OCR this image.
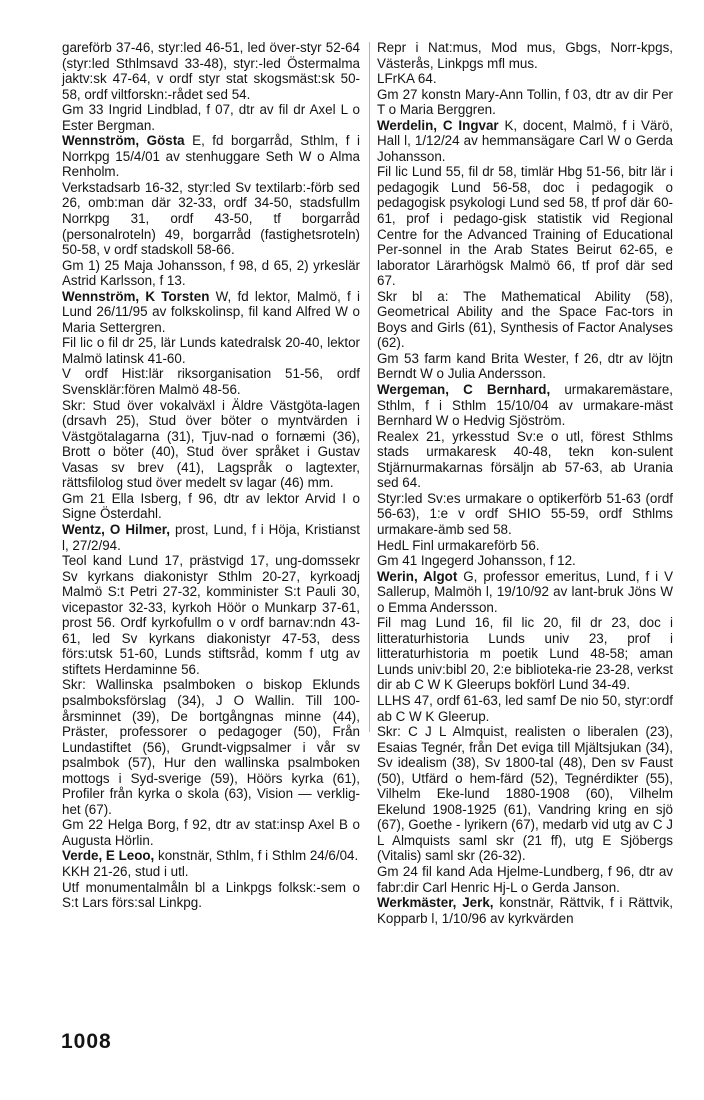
gareförb 37-46, styr:led 46-51, led över-styr 52-64 (styr:led Sthlmsavd 33-48), styr:-led Östermalma jaktv:sk 47-64, v ordf styr stat skogsmäst:sk 50-58, ordf viltforskn:-rådet sed 54.

Gm 33 Ingrid Lindblad, f 07, dtr av fil dr Axel L o Ester Bergman.

Wennström, Gösta E, fd borgarråd, Sthlm, f i Norrkpg 15/4/01 av stenhuggare Seth W o Alma Renholm.

Verkstadsarb 16-32, styr:led Sv textilarb:-förb sed 26, omb:man där 32-33, ordf 34-50, stadsfullm Norrkpg 31, ordf 43-50, tf borgarråd (personalroteln) 49, borgarråd (fastighetsroteln) 50-58, v ordf stadskoll 58-66.

Gm 1) 25 Maja Johansson, f 98, d 65, 2) yrkeslär Astrid Karlsson, f 13.

Wennström, K Torsten W, fd lektor, Malmö, f i Lund 26/11/95 av folkskolinsp, fil kand Alfred W o Maria Settergren.

Fil lic o fil dr 25, lär Lunds katedralsk 20-40, lektor Malmö latinsk 41-60.

V ordf Hist:lär riksorganisation 51-56, ordf Svensklär:fören Malmö 48-56.

Skr: Stud över vokalväxl i Äldre Västgöta-lagen (drsavh 25), Stud över böter o myntvärden i Västgötalagarna (31), Tjuv-nad o fornæmi (36), Brott o böter (40), Stud över språket i Gustav Vasas sv brev (41), Lagspråk o lagtexter, rättsfilolog stud över medelt sv lagar (46) mm.

Gm 21 Ella Isberg, f 96, dtr av lektor Arvid I o Signe Österdahl.

Wentz, O Hilmer, prost, Lund, f i Höja, Kristianst l, 27/2/94.

Teol kand Lund 17, prästvigd 17, ung-domssekr Sv kyrkans diakonistyr Sthlm 20-27, kyrkoadj Malmö S:t Petri 27-32, komminister S:t Pauli 30, vicepastor 32-33, kyrkoh Höör o Munkarp 37-61, prost 56. Ordf kyrkofullm o v ordf barnav:ndn 43-61, led Sv kyrkans diakonistyr 47-53, dess förs:utsk 51-60, Lunds stiftsråd, komm f utg av stiftets Herdaminne 56.

Skr: Wallinska psalmboken o biskop Eklunds psalmboksförslag (34), J O Wallin. Till 100-årsminnet (39), De bortgångnas minne (44), Präster, professorer o pedagoger (50), Från Lundastiftet (56), Grundt-vigpsalmer i vår sv psalmbok (57), Hur den wallinska psalmboken mottogs i Syd-sverige (59), Höörs kyrka (61), Profiler från kyrka o skola (63), Vision — verklig-het (67).

Gm 22 Helga Borg, f 92, dtr av stat:insp Axel B o Augusta Hörlin.

Verde, E Leoo, konstnär, Sthlm, f i Sthlm 24/6/04.

KKH 21-26, stud i utl.

Utf monumentalmåln bl a Linkpgs folksk:-sem o S:t Lars förs:sal Linkpg.

Repr i Nat:mus, Mod mus, Gbgs, Norr-kpgs, Västerås, Linkpgs mfl mus.

LFrKA 64.

Gm 27 konstn Mary-Ann Tollin, f 03, dtr av dir Per T o Maria Berggren.

Werdelin, C Ingvar K, docent, Malmö, f i Värö, Hall l, 1/12/24 av hemmansägare Carl W o Gerda Johansson.

Fil lic Lund 55, fil dr 58, timlär Hbg 51-56, bitr lär i pedagogik Lund 56-58, doc i pedagogik o pedagogisk psykologi Lund sed 58, tf prof där 60-61, prof i pedago-gisk statistik vid Regional Centre for the Advanced Training of Educational Per-sonnel in the Arab States Beirut 62-65, e laborator Lärarhögsk Malmö 66, tf prof där sed 67.

Skr bl a: The Mathematical Ability (58), Geometrical Ability and the Space Fac-tors in Boys and Girls (61), Synthesis of Factor Analyses (62).

Gm 53 farm kand Brita Wester, f 26, dtr av löjtn Berndt W o Julia Andersson.

Wergeman, C Bernhard, urmakaremästare, Sthlm, f i Sthlm 15/10/04 av urmakare-mäst Bernhard W o Hedvig Sjöström.

Realex 21, yrkesstud Sv:e o utl, förest Sthlms stads urmakaresk 40-48, tekn kon-sulent Stjärnurmakarnas försäljn ab 57-63, ab Urania sed 64.

Styr:led Sv:es urmakare o optikerförb 51-63 (ordf 56-63), 1:e v ordf SHIO 55-59, ordf Sthlms urmakare-ämb sed 58.

HedL Finl urmakareförb 56.

Gm 41 Ingegerd Johansson, f 12.

Werin, Algot G, professor emeritus, Lund, f i V Sallerup, Malmöh l, 19/10/92 av lant-bruk Jöns W o Emma Andersson.

Fil mag Lund 16, fil lic 20, fil dr 23, doc i litteraturhistoria Lunds univ 23, prof i litteraturhistoria m poetik Lund 48-58; aman Lunds univ:bibl 20, 2:e biblioteka-rie 23-28, verkst dir ab C W K Gleerups bokförl Lund 34-49.

LLHS 47, ordf 61-63, led samf De nio 50, styr:ordf ab C W K Gleerup.

Skr: C J L Almquist, realisten o liberalen (23), Esaias Tegnér, från Det eviga till Mjältsjukan (34), Sv idealism (38), Sv 1800-tal (48), Den sv Faust (50), Utfärd o hem-färd (52), Tegnérdikter (55), Vilhelm Eke-lund 1880-1908 (60), Vilhelm Ekelund 1908-1925 (61), Vandring kring en sjö (67), Goethe - lyrikern (67), medarb vid utg av C J L Almquists saml skr (21 ff), utg E Sjöbergs (Vitalis) saml skr (26-32).

Gm 24 fil kand Ada Hjelme-Lundberg, f 96, dtr av fabr:dir Carl Henric Hj-L o Gerda Janson.

Werkmäster, Jerk, konstnär, Rättvik, f i Rättvik, Kopparb l, 1/10/96 av kyrkvärden

1008
